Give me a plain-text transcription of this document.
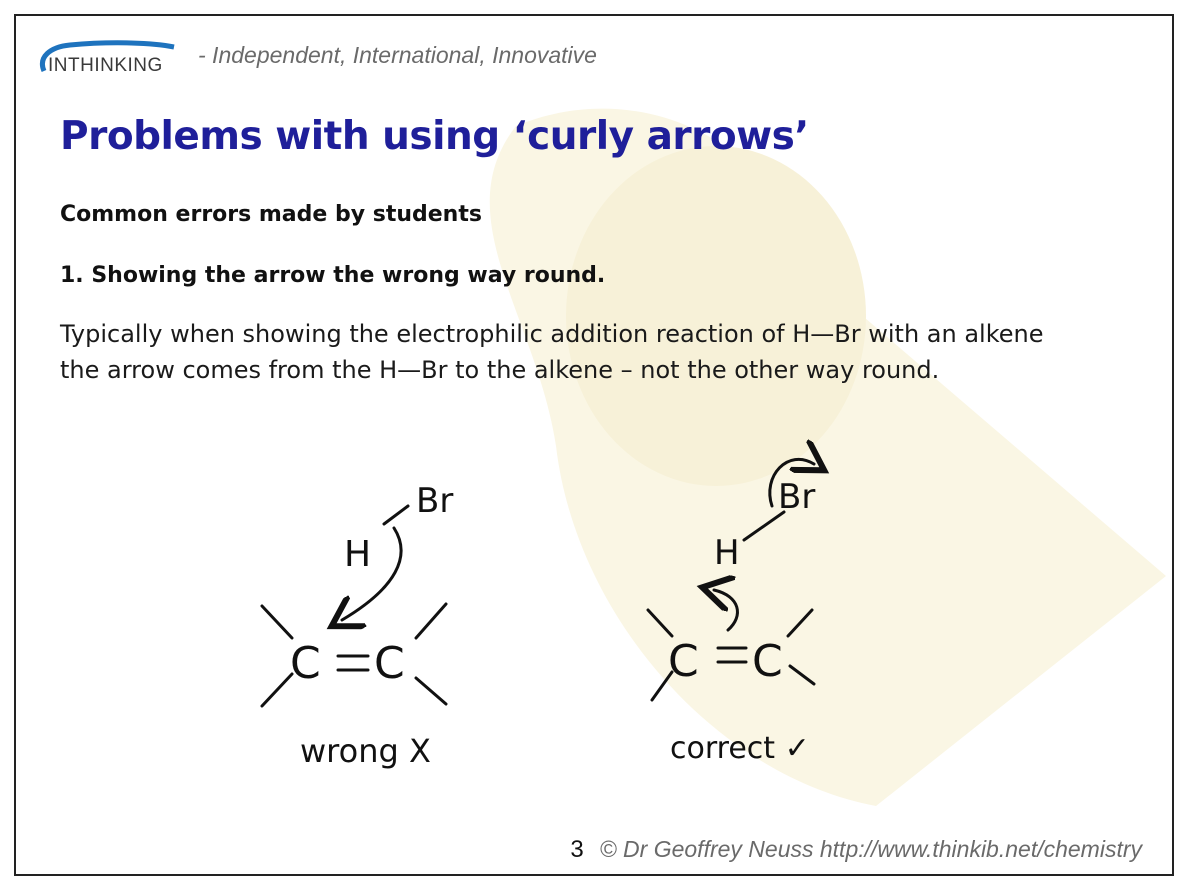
INTHINKING - Independent, International, Innovative
Problems with using ‘curly arrows’
Common errors made by students
1. Showing the arrow the wrong way round.
Typically when showing the electrophilic addition reaction of H—Br with an alkene
the arrow comes from the H—Br to the alkene – not the other way round.
Br
H
C C
wrong X
Br
H
C C
correct ✓
3 © Dr Geoffrey Neuss http://www.thinkib.net/chemistry
